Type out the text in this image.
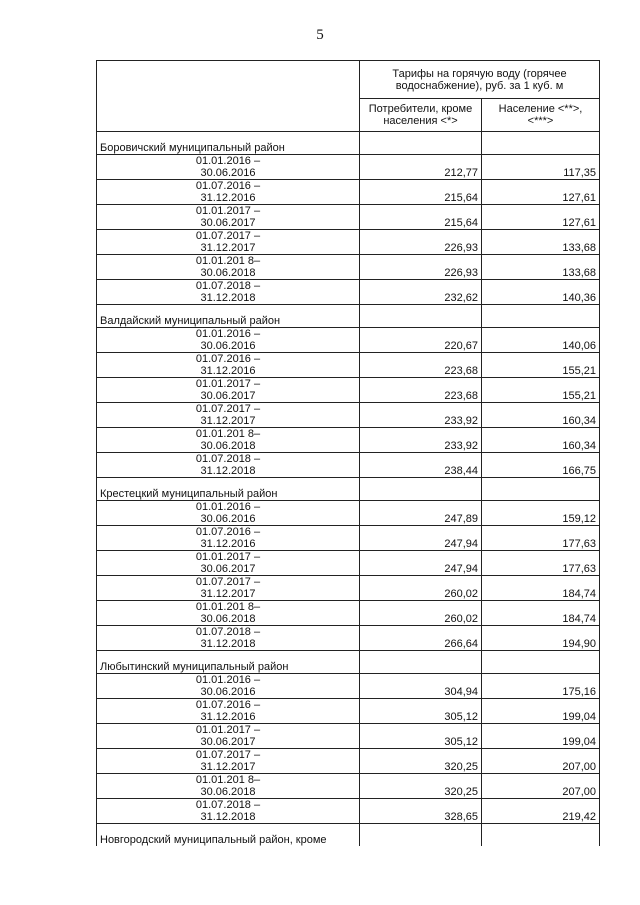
5
	Тарифы на горячую воду (горячее водоснабжение), руб. за 1 куб. м	
	Потребители, кроме населения <*>	Население <**>, <***>
Боровичский муниципальный район		

01.01.2016 –
30.06.2016	212,77	117,35

01.07.2016 –
31.12.2016	215,64	127,61

01.01.2017 –
30.06.2017	215,64	127,61

01.07.2017 –
31.12.2017	226,93	133,68

01.01.201 8–
30.06.2018	226,93	133,68

01.07.2018 –
31.12.2018	232,62	140,36
Валдайский муниципальный район		

01.01.2016 –
30.06.2016	220,67	140,06

01.07.2016 –
31.12.2016	223,68	155,21

01.01.2017 –
30.06.2017	223,68	155,21

01.07.2017 –
31.12.2017	233,92	160,34

01.01.201 8–
30.06.2018	233,92	160,34

01.07.2018 –
31.12.2018	238,44	166,75
Крестецкий муниципальный район		

01.01.2016 –
30.06.2016	247,89	159,12

01.07.2016 –
31.12.2016	247,94	177,63

01.01.2017 –
30.06.2017	247,94	177,63

01.07.2017 –
31.12.2017	260,02	184,74

01.01.201 8–
30.06.2018	260,02	184,74

01.07.2018 –
31.12.2018	266,64	194,90
Любытинский муниципальный район		

01.01.2016 –
30.06.2016	304,94	175,16

01.07.2016 –
31.12.2016	305,12	199,04

01.01.2017 –
30.06.2017	305,12	199,04

01.07.2017 –
31.12.2017	320,25	207,00

01.01.201 8–
30.06.2018	320,25	207,00

01.07.2018 –
31.12.2018	328,65	219,42
Новгородский муниципальный район, кроме		
